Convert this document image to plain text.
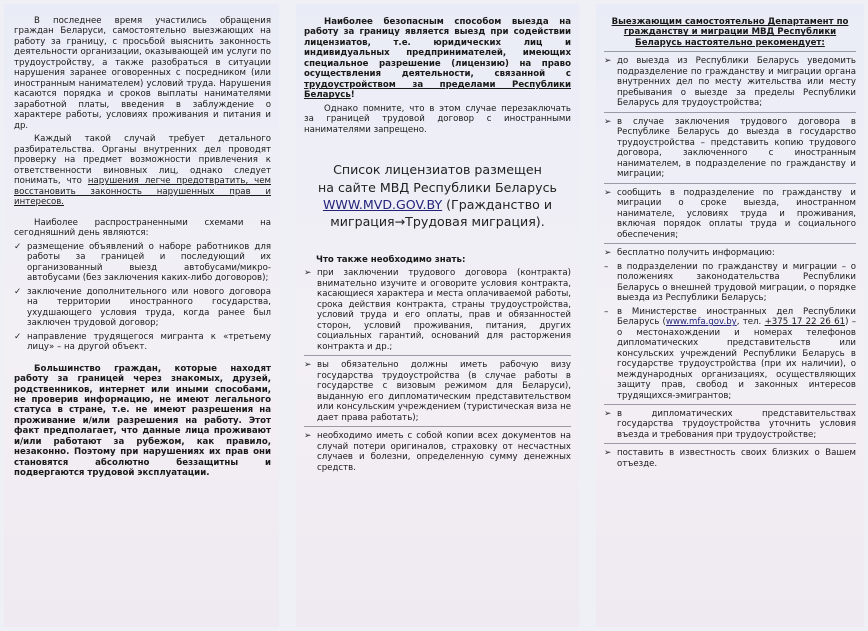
В последнее время участились обращения граждан Беларуси, самостоятельно выезжающих на работу за границу, с просьбой выяснить законность деятельности организации, оказывающей им услуги по трудоустройству, а также разобраться в ситуации нарушения заранее оговоренных с посредником (или иностранным нанимателем) условий труда. Нарушения касаются порядка и сроков выплаты нанимателями заработной платы, введения в заблуждение о характере работы, условиях проживания и питания и др.

Каждый такой случай требует детального разбирательства. Органы внутренних дел проводят проверку на предмет возможности привлечения к ответственности виновных лиц, однако следует понимать, что нарушения легче предотвратить, чем восстановить законность нарушенных прав и интересов.

Наиболее распространенными схемами на сегодняшний день являются:

✓ размещение объявлений о наборе работников для работы за границей и последующий их организованный выезд автобусами/микро-автобусами (без заключения каких-либо договоров);
✓ заключение дополнительного или нового договора на территории иностранного государства, ухудшающего условия труда, когда ранее был заключен трудовой договор;
✓ направление трудящегося мигранта к «третьему лицу» – на другой объект.

Большинство граждан, которые находят работу за границей через знакомых, друзей, родственников, интернет или иными способами, не проверив информацию, не имеют легального статуса в стране, т.е. не имеют разрешения на проживание и/или разрешения на работу. Этот факт предполагает, что данные лица проживают и/или работают за рубежом, как правило, незаконно. Поэтому при нарушениях их прав они становятся абсолютно беззащитны и подвергаются трудовой эксплуатации.

Наиболее безопасным способом выезда на работу за границу является выезд при содействии лицензиатов, т.е. юридических лиц и индивидуальных предпринимателей, имеющих специальное разрешение (лицензию) на право осуществления деятельности, связанной с трудоустройством за пределами Республики Беларусь!

Однако помните, что в этом случае перезаключать за границей трудовой договор с иностранными нанимателями запрещено.

Список лицензиатов размещен
на сайте МВД Республики Беларусь
WWW.MVD.GOV.BY (Гражданство и миграция→Трудовая миграция).

Что также необходимо знать:

➢ при заключении трудового договора (контракта) внимательно изучите и оговорите условия контракта, касающиеся характера и места оплачиваемой работы, срока действия контракта, страны трудоустройства, условий труда и его оплаты, прав и обязанностей сторон, условий проживания, питания, других социальных гарантий, оснований для расторжения контракта и др.;
➢ вы обязательно должны иметь рабочую визу государства трудоустройства (в случае работы в государстве с визовым режимом для Беларуси), выданную его дипломатическим представительством или консульским учреждением (туристическая виза не дает права работать);
➢ необходимо иметь с собой копии всех документов на случай потери оригиналов, страховку от несчастных случаев и болезни, определенную сумму денежных средств.

Выезжающим самостоятельно Департамент по гражданству и миграции МВД Республики Беларусь настоятельно рекомендует:

➢ до выезда из Республики Беларусь уведомить подразделение по гражданству и миграции органа внутренних дел по месту жительства или месту пребывания о выезде за пределы Республики Беларусь для трудоустройства;
➢ в случае заключения трудового договора в Республике Беларусь до выезда в государство трудоустройства – представить копию трудового договора, заключенного с иностранным нанимателем, в подразделение по гражданству и миграции;
➢ сообщить в подразделение по гражданству и миграции о сроке выезда, иностранном нанимателе, условиях труда и проживания, включая порядок оплаты труда и социального обеспечения;
➢ бесплатно получить информацию:
– в подразделении по гражданству и миграции – о положениях законодательства Республики Беларусь о внешней трудовой миграции, о порядке выезда из Республики Беларусь;
– в Министерстве иностранных дел Республики Беларусь (www.mfa.gov.by, тел. +375 17 22 26 61) – о местонахождении и номерах телефонов дипломатических представительств или консульских учреждений Республики Беларусь в государстве трудоустройства (при их наличии), о международных организациях, осуществляющих защиту прав, свобод и законных интересов трудящихся-эмигрантов;
➢ в дипломатических представительствах государства трудоустройства уточнить условия въезда и требования при трудоустройстве;
➢ поставить в известность своих близких о Вашем отъезде.
